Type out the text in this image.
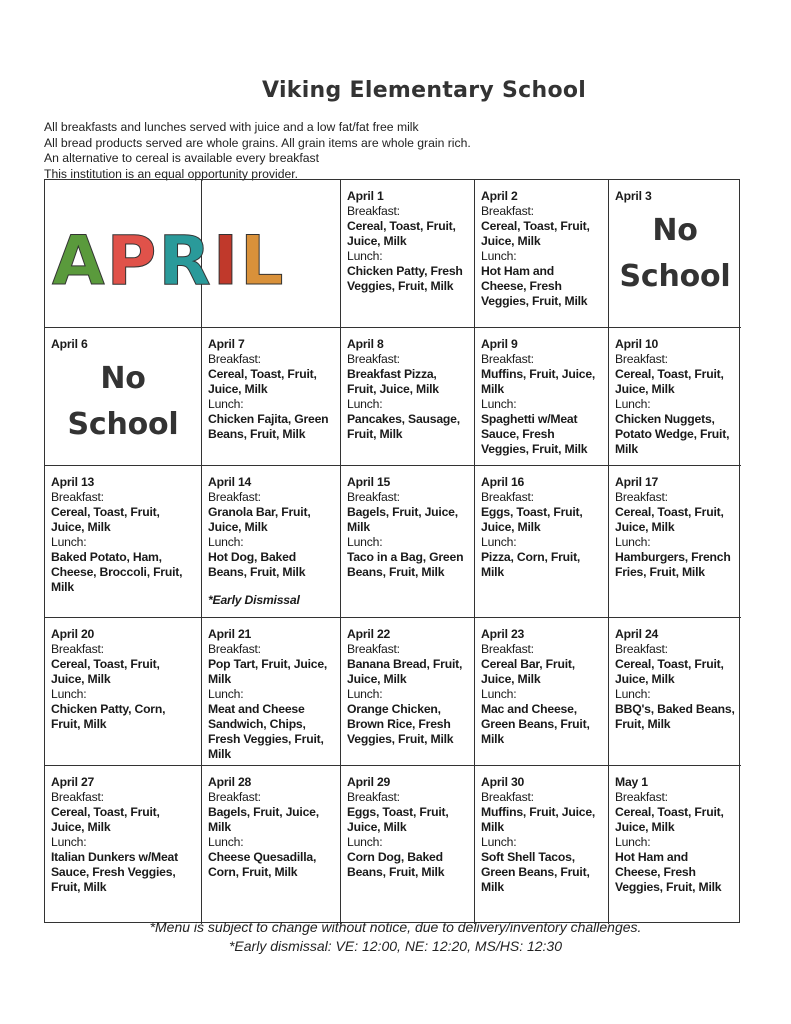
Viking Elementary School
All breakfasts and lunches served with juice and a low fat/fat free milk
All bread products served are whole grains. All grain items are whole grain rich.
An alternative to cereal is available every breakfast
This institution is an equal opportunity provider.
April 1
Breakfast:
Cereal, Toast, Fruit, Juice, Milk
Lunch:
Chicken Patty, Fresh Veggies, Fruit, Milk
April 2
Breakfast:
Cereal, Toast, Fruit, Juice, Milk
Lunch:
Hot Ham and Cheese, Fresh Veggies, Fruit, Milk
April 3
No
School
April 6
No
School
April 7
Breakfast:
Cereal, Toast, Fruit, Juice, Milk
Lunch:
Chicken Fajita, Green Beans, Fruit, Milk
April 8
Breakfast:
Breakfast Pizza, Fruit, Juice, Milk
Lunch:
Pancakes, Sausage, Fruit, Milk
April 9
Breakfast:
Muffins, Fruit, Juice, Milk
Lunch:
Spaghetti w/Meat Sauce, Fresh Veggies, Fruit, Milk
April 10
Breakfast:
Cereal, Toast, Fruit, Juice, Milk
Lunch:
Chicken Nuggets, Potato Wedge, Fruit, Milk
April 13
Breakfast:
Cereal, Toast, Fruit, Juice, Milk
Lunch:
Baked Potato, Ham, Cheese, Broccoli, Fruit, Milk
April 14
Breakfast:
Granola Bar, Fruit, Juice, Milk
Lunch:
Hot Dog, Baked Beans, Fruit, Milk
*Early Dismissal
April 15
Breakfast:
Bagels, Fruit, Juice, Milk
Lunch:
Taco in a Bag, Green Beans, Fruit, Milk
April 16
Breakfast:
Eggs, Toast, Fruit, Juice, Milk
Lunch:
Pizza, Corn, Fruit, Milk
April 17
Breakfast:
Cereal, Toast, Fruit, Juice, Milk
Lunch:
Hamburgers, French Fries, Fruit, Milk
April 20
Breakfast:
Cereal, Toast, Fruit, Juice, Milk
Lunch:
Chicken Patty, Corn, Fruit, Milk
April 21
Breakfast:
Pop Tart, Fruit, Juice, Milk
Lunch:
Meat and Cheese Sandwich, Chips, Fresh Veggies, Fruit, Milk
April 22
Breakfast:
Banana Bread, Fruit, Juice, Milk
Lunch:
Orange Chicken, Brown Rice, Fresh Veggies, Fruit, Milk
April 23
Breakfast:
Cereal Bar, Fruit, Juice, Milk
Lunch:
Mac and Cheese, Green Beans, Fruit, Milk
April 24
Breakfast:
Cereal, Toast, Fruit, Juice, Milk
Lunch:
BBQ's, Baked Beans, Fruit, Milk
April 27
Breakfast:
Cereal, Toast, Fruit, Juice, Milk
Lunch:
Italian Dunkers w/Meat Sauce, Fresh Veggies, Fruit, Milk
April 28
Breakfast:
Bagels, Fruit, Juice, Milk
Lunch:
Cheese Quesadilla, Corn, Fruit, Milk
April 29
Breakfast:
Eggs, Toast, Fruit, Juice, Milk
Lunch:
Corn Dog, Baked Beans, Fruit, Milk
April 30
Breakfast:
Muffins, Fruit, Juice, Milk
Lunch:
Soft Shell Tacos, Green Beans, Fruit, Milk
May 1
Breakfast:
Cereal, Toast, Fruit, Juice, Milk
Lunch:
Hot Ham and Cheese, Fresh Veggies, Fruit, Milk
A P R I L
*Menu is subject to change without notice, due to delivery/inventory challenges.
*Early dismissal: VE: 12:00, NE: 12:20, MS/HS: 12:30
